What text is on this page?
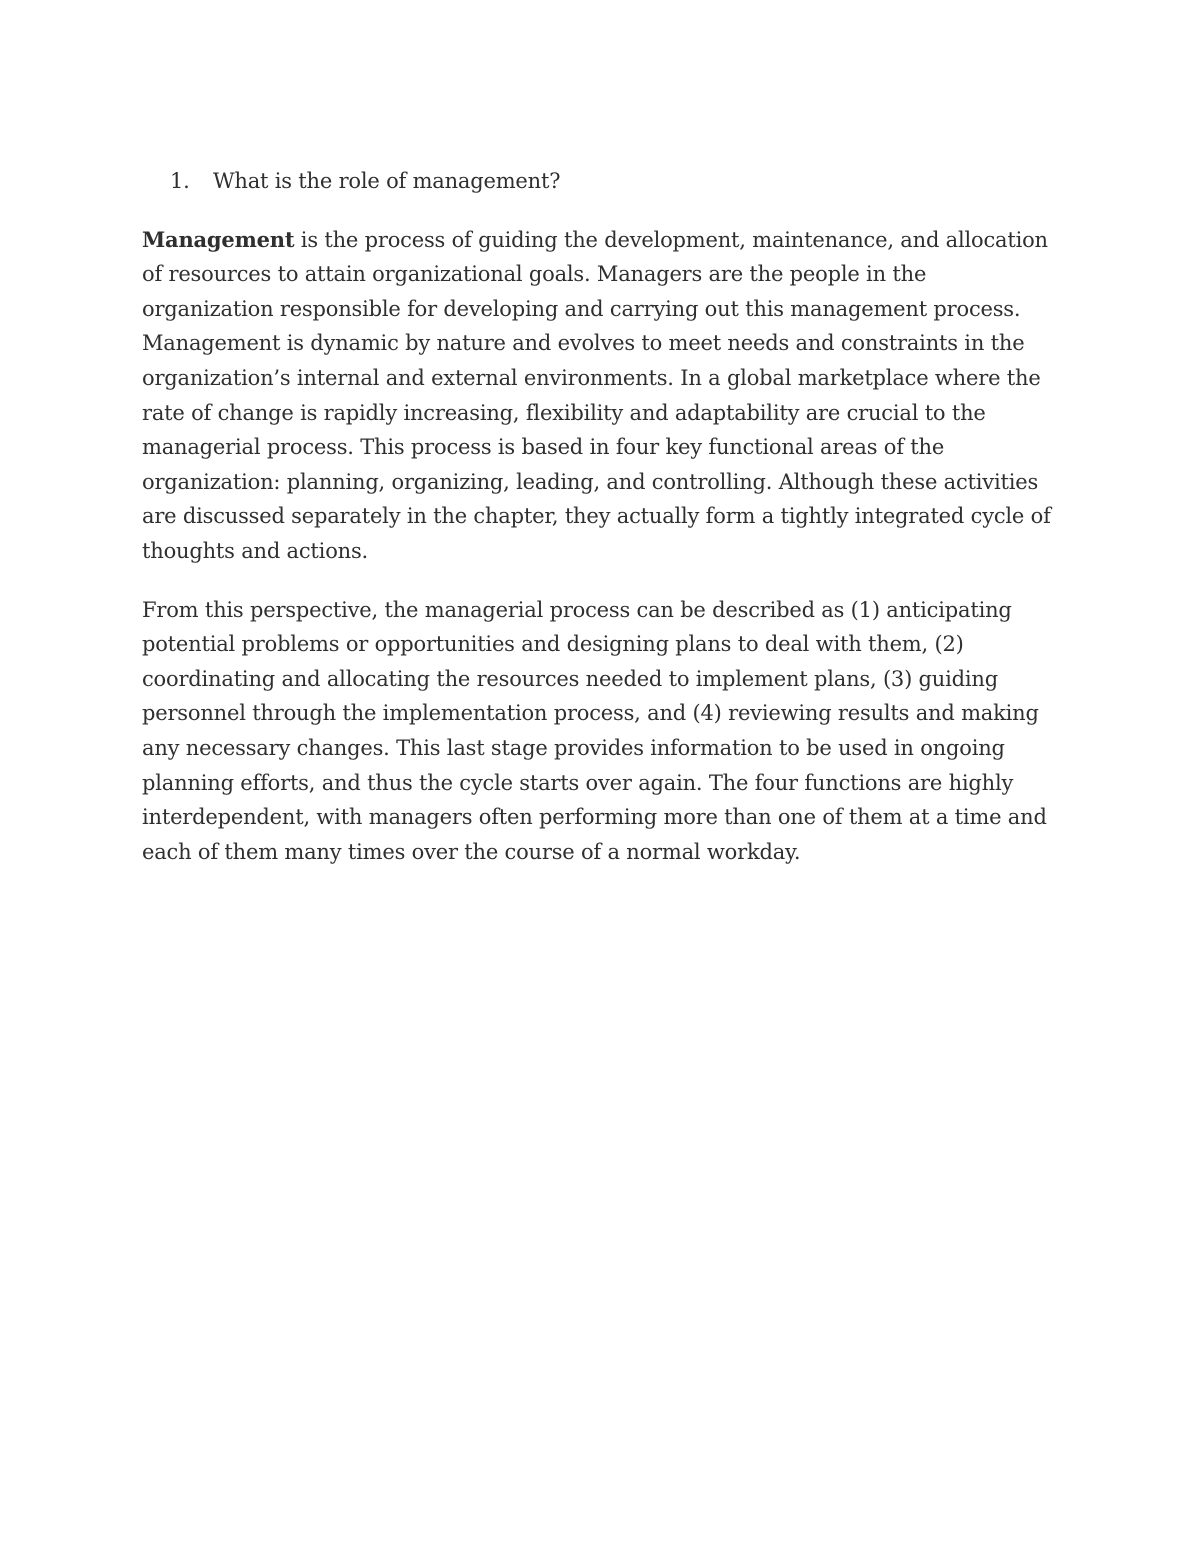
1.	What is the role of management?

Management is the process of guiding the development, maintenance, and allocation of resources to attain organizational goals. Managers are the people in the organization responsible for developing and carrying out this management process. Management is dynamic by nature and evolves to meet needs and constraints in the organization’s internal and external environments. In a global marketplace where the rate of change is rapidly increasing, flexibility and adaptability are crucial to the managerial process. This process is based in four key functional areas of the organization: planning, organizing, leading, and controlling. Although these activities are discussed separately in the chapter, they actually form a tightly integrated cycle of thoughts and actions.

From this perspective, the managerial process can be described as (1) anticipating potential problems or opportunities and designing plans to deal with them, (2) coordinating and allocating the resources needed to implement plans, (3) guiding personnel through the implementation process, and (4) reviewing results and making any necessary changes. This last stage provides information to be used in ongoing planning efforts, and thus the cycle starts over again. The four functions are highly interdependent, with managers often performing more than one of them at a time and each of them many times over the course of a normal workday.
